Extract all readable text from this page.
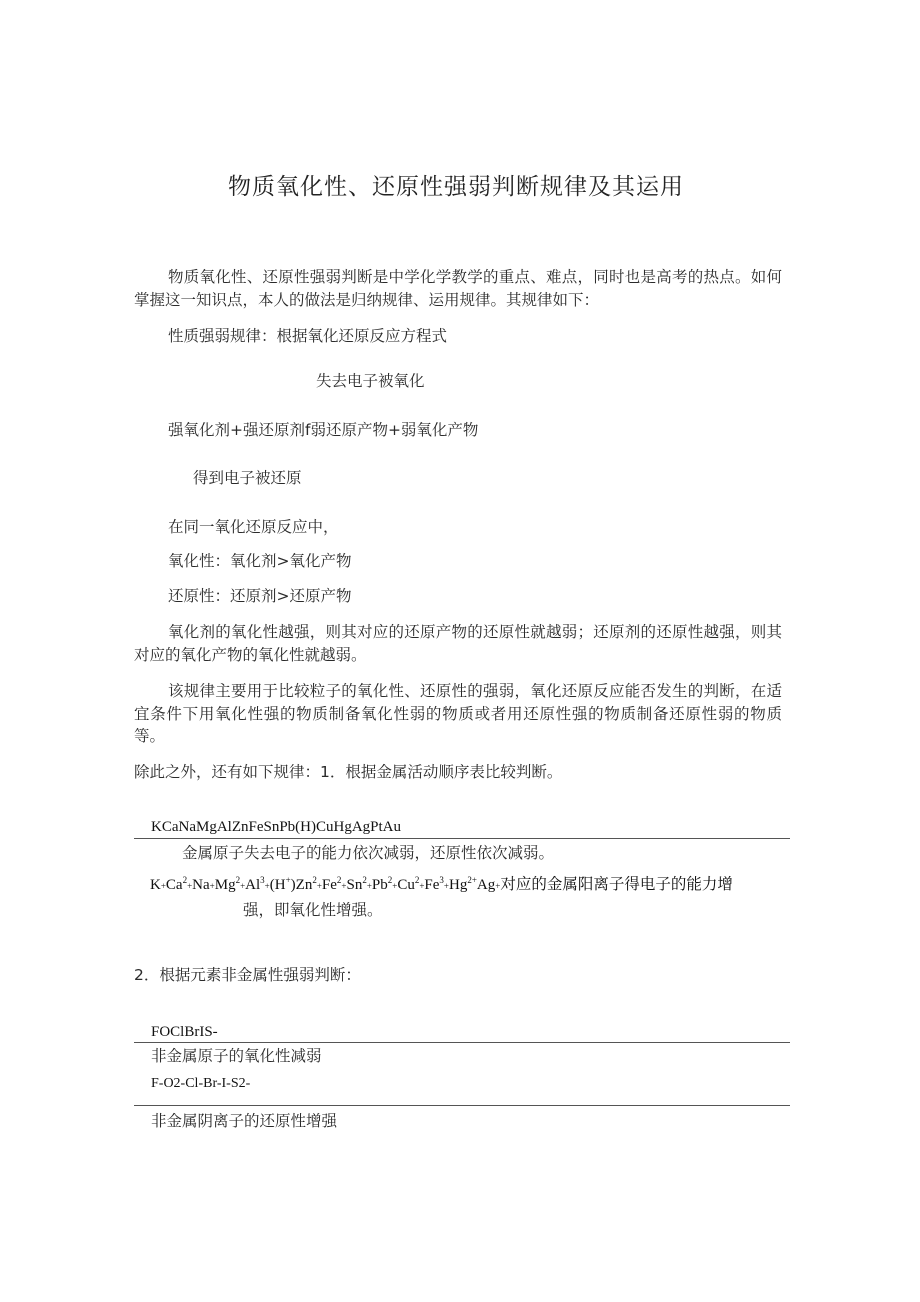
物质氧化性、还原性强弱判断规律及其运用
物质氧化性、还原性强弱判断是中学化学教学的重点、难点，同时也是高考的热点。如何掌握这一知识点，本人的做法是归纳规律、运用规律。其规律如下：
性质强弱规律：根据氧化还原反应方程式
失去电子被氧化
强氧化剂+强还原剂f弱还原产物+弱氧化产物
得到电子被还原
在同一氧化还原反应中，
氧化性：氧化剂>氧化产物
还原性：还原剂>还原产物
氧化剂的氧化性越强，则其对应的还原产物的还原性就越弱；还原剂的还原性越强，则其对应的氧化产物的氧化性就越弱。
该规律主要用于比较粒子的氧化性、还原性的强弱，氧化还原反应能否发生的判断，在适宜条件下用氧化性强的物质制备氧化性弱的物质或者用还原性强的物质制备还原性弱的物质等。
除此之外，还有如下规律：1．根据金属活动顺序表比较判断。
KCaNaMgAlZnFeSnPb(H)CuHgAgPtAu
金属原子失去电子的能力依次减弱，还原性依次减弱。
$K+Ca^2+Na+Mg^2+Al^3+(H^+)Zn^2+Fe^2+Sn^2+Pb^2+Cu^2+Fe^3+Hg^{2+}Ag+$对应的金属阳离子得电子的能力增
强，即氧化性增强。
2．根据元素非金属性强弱判断：
FOClBrIS-
非金属原子的氧化性减弱
F-O2-Cl-Br-I-S2-
非金属阴离子的还原性增强
